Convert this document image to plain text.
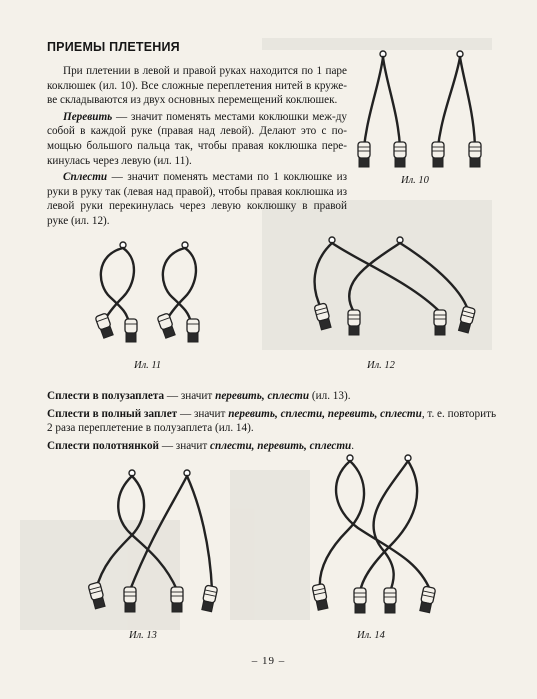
ПРИЕМЫ ПЛЕТЕНИЯ

При плетении в левой и правой руках находится по 1 паре коклюшек (ил. 10). Все сложные переплетения нитей в круже-ве складываются из двух основных перемещений коклюшек.

Перевить — значит поменять местами коклюшки меж-ду собой в каждой руке (правая над левой). Делают это с по-мощью большого пальца так, чтобы правая коклюшка пере-кинулась через левую (ил. 11).

Сплести — значит поменять местами по 1 коклюшке из руки в руку так (левая над правой), чтобы правая коклюшка из левой руки перекинулась через левую коклюшку в правой руке (ил. 12).

Ил. 10
Ил. 11	Ил. 12

Сплести в полузаплета — значит перевить, сплести (ил. 13).

Сплести в полный заплет — значит перевить, сплести, перевить, сплести, т. е. повторить 2 раза переплетение в полузаплета (ил. 14).

Сплести полотнянкой — значит сплести, перевить, сплести.

Ил. 13	Ил. 14
– 19 –
